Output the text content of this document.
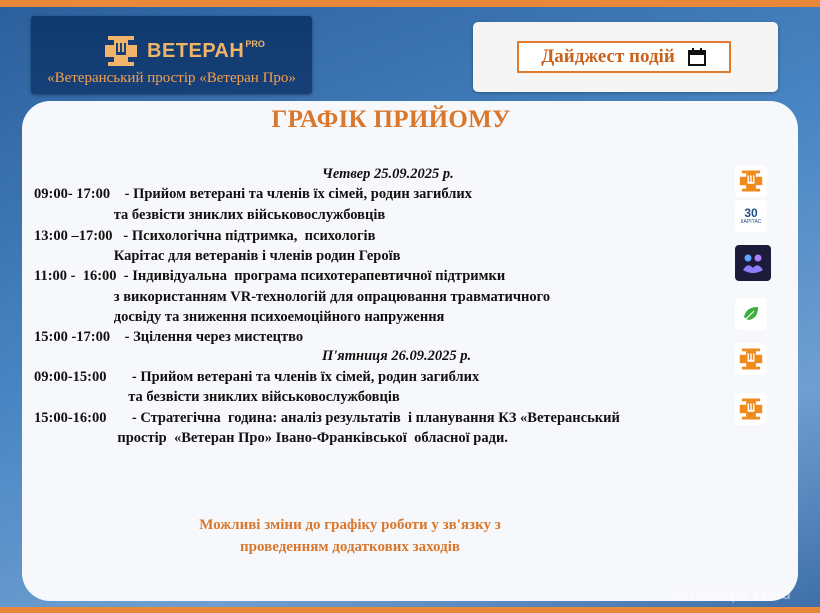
ВЕТЕРАН PRO
«Ветеранський простір «Ветеран Про»
Дайджест подій
ГРАФІК ПРИЙОМУ
Четвер 25.09.2025 р.
09:00- 17:00    - Прийом ветерані та членів їх сімей, родин загиблих
та безвісти зниклих військовослужбовців
13:00 –17:00   - Психологічна підтримка,  психологів
Карітас для ветеранів і членів родин Героїв
11:00 -  16:00  - Індивідуальна  програма психотерапевтичної підтримки
з використанням VR-технологій для опрацювання травматичного
досвіду та зниження психоемоційного напруження
15:00 -17:00    - Зцілення через мистецтво
П'ятниця 26.09.2025 р.
09:00-15:00       - Прийом ветерані та членів їх сімей, родин загиблих
та безвісти зниклих військовослужбовців
15:00-16:00       - Стратегічна  година: аналіз результатів  і планування КЗ «Ветеранський
простір  «Ветеран Про» Івано-Франківської  обласної ради.
Можливі зміни до графіку роботи у зв'язку з
проведенням додаткових заходів
30
КАРІТАС
Активація Wind
